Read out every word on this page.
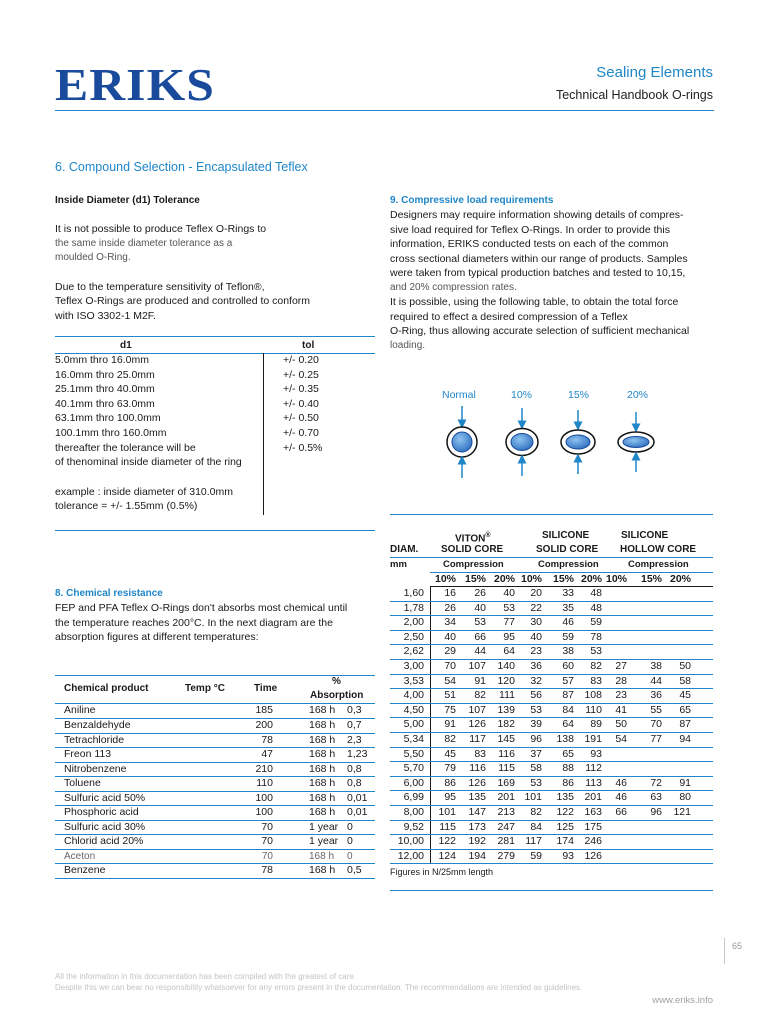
ERIKS	Sealing Elements
Technical Handbook O-rings
6. Compound Selection - Encapsulated Teflex
Inside Diameter (d1) Tolerance
It is not possible to produce Teflex O-Rings to
the same inside diameter tolerance as a
moulded O-Ring.
Due to the temperature sensitivity of Teflon®,
Teflex O-Rings are produced and controlled to conform
with ISO 3302-1 M2F.
d1	tol
5.0mm thro 16.0mm	+/- 0.20
16.0mm thro 25.0mm	+/- 0.25
25.1mm thro 40.0mm	+/- 0.35
40.1mm thro 63.0mm	+/- 0.40
63.1mm thro 100.0mm	+/- 0.50
100.1mm thro 160.0mm	+/- 0.70
thereafter the tolerance will be	+/- 0.5%
of thenominal inside diameter of the ring
example : inside diameter of 310.0mm
tolerance = +/- 1.55mm (0.5%)
8. Chemical resistance
FEP and PFA Teflex O-Rings don't absorbs most chemical until
the temperature reaches 200°C. In the next diagram are the
absorption figures at different temperatures:
Chemical product	Temp °C	Time
%
Absorption
Aniline	185	168 h	0,3
Benzaldehyde	200	168 h	0,7
Tetrachloride	78	168 h	2,3
Freon 113	47	168 h	1,23
Nitrobenzene	210	168 h	0,8
Toluene	110	168 h	0,8
Sulfuric acid 50%	100	168 h	0,01
Phosphoric acid	100	168 h	0,01
Sulfuric acid 30%	70	1 year	0
Chlorid acid 20%	70	1 year	0
Aceton	70	168 h	0
Benzene	78	168 h	0,5
9. Compressive load requirements
Designers may require information showing details of compres-
sive load required for Teflex O-Rings. In order to provide this
information, ERIKS conducted tests on each of the common
cross sectional diameters within our range of products. Samples
were taken from typical production batches and tested to 10,15,
and 20% compression rates.
It is possible, using the following table, to obtain the total force
required to effect a desired compression of a Teflex
O-Ring, thus allowing accurate selection of sufficient mechanical
loading.
Normal	10%	15%	20%
VITON®	SILICONE	SILICONE
DIAM. SOLID CORE	SOLID CORE HOLLOW CORE
mm	Compression	Compression	Compression
	10%	15%	20%	10%	15%	20%	10%	15%	20%	
1,60	16	26	40	20	33	48				
1,78	26	40	53	22	35	48				
2,00	34	53	77	30	46	59				
2,50	40	66	95	40	59	78				
2,62	29	44	64	23	38	53				
3,00	70	107	140	36	60	82	27	38	50	
3,53	54	91	120	32	57	83	28	44	58	
4,00	51	82	111	56	87	108	23	36	45	
4,50	75	107	139	53	84	110	41	55	65	
5,00	91	126	182	39	64	89	50	70	87	
5,34	82	117	145	96	138	191	54	77	94	
5,50	45	83	116	37	65	93				
5,70	79	116	115	58	88	112				
6,00	86	126	169	53	86	113	46	72	91	
6,99	95	135	201	101	135	201	46	63	80	
8,00	101	147	213	82	122	163	66	96	121	
9,52	115	173	247	84	125	175				
10,00	122	192	281	117	174	246				
12,00	124	194	279	59	93	126				
Figures in N/25mm length
65
All the information in this documentation has been compiled with the greatest of care.
Despite this we can bear no responsibility whatsoever for any errors present in the documentation. The recommendations are intended as guidelines.
www.eriks.info
